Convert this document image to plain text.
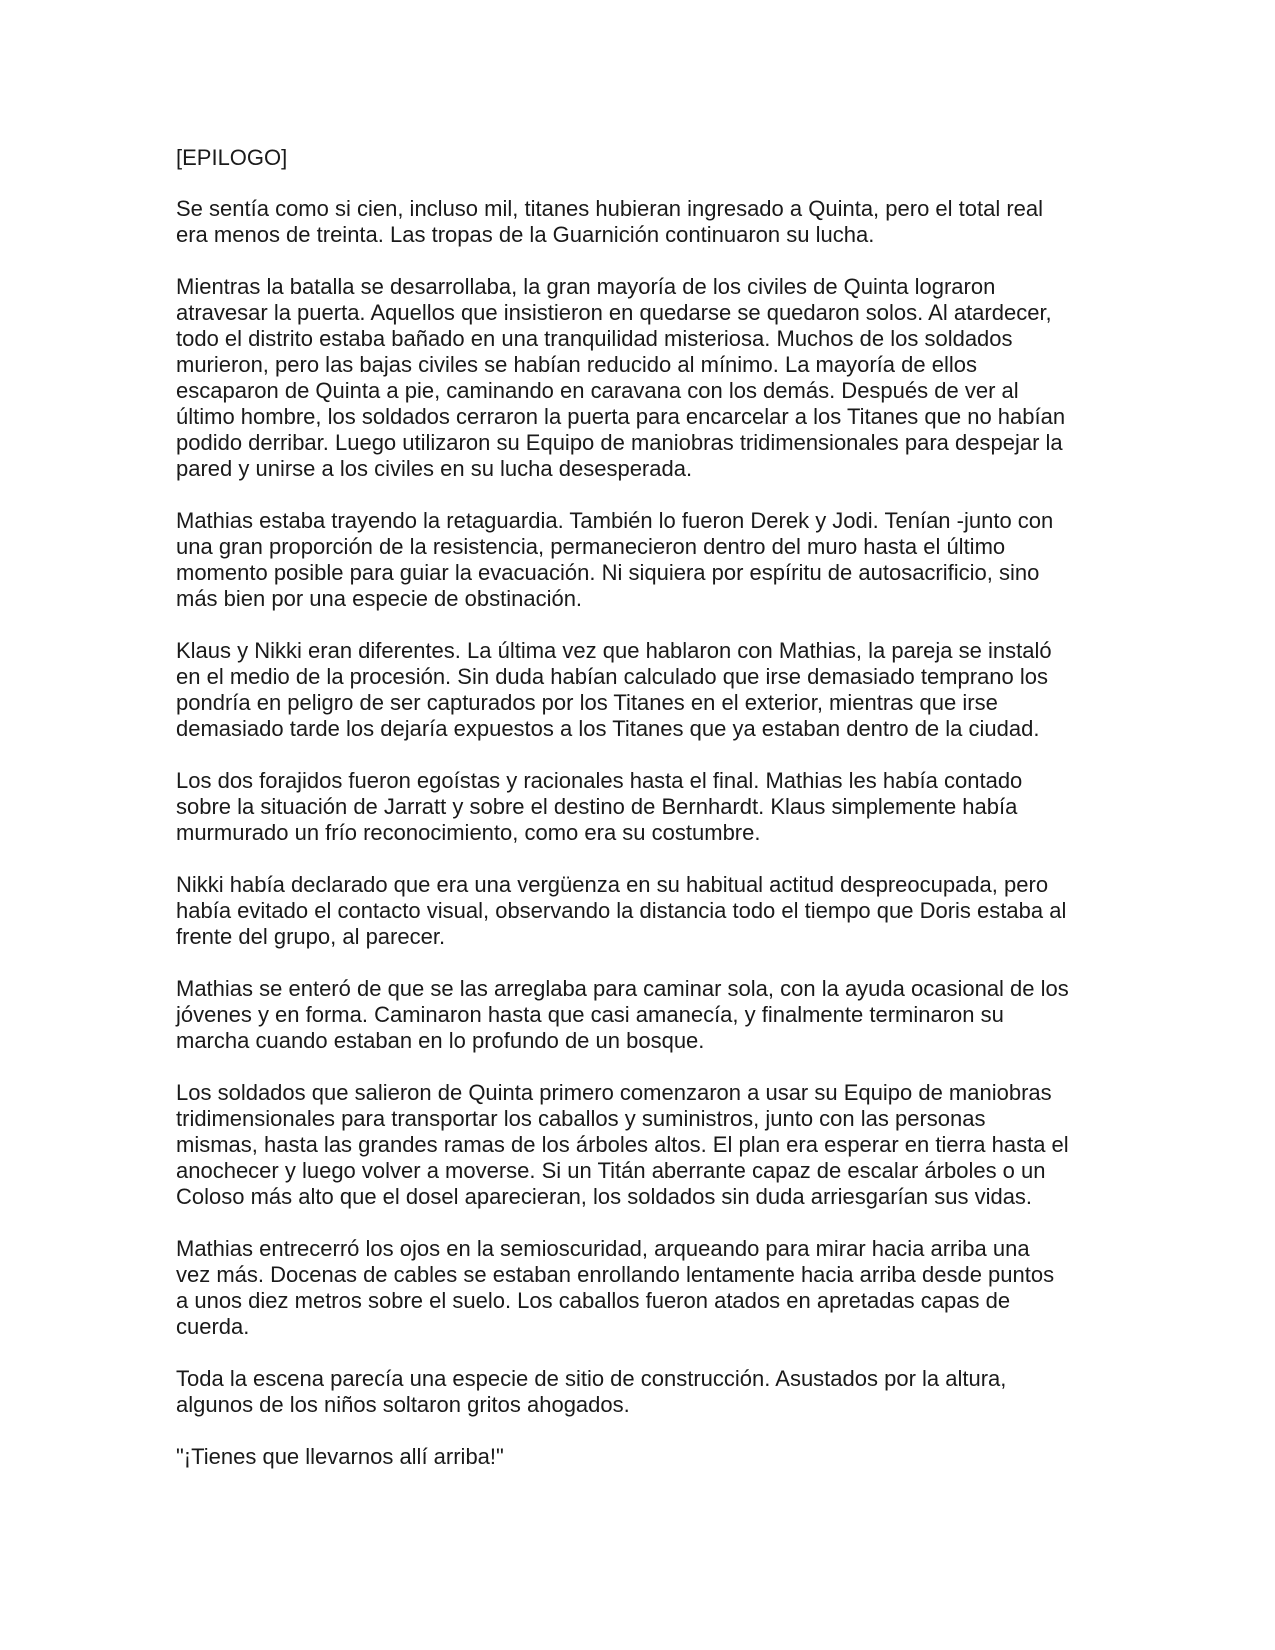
[EPILOGO]
Se sentía como si cien, incluso mil, titanes hubieran ingresado a Quinta, pero el total real
era menos de treinta. Las tropas de la Guarnición continuaron su lucha.
Mientras la batalla se desarrollaba, la gran mayoría de los civiles de Quinta lograron
atravesar la puerta. Aquellos que insistieron en quedarse se quedaron solos. Al atardecer,
todo el distrito estaba bañado en una tranquilidad misteriosa. Muchos de los soldados
murieron, pero las bajas civiles se habían reducido al mínimo. La mayoría de ellos
escaparon de Quinta a pie, caminando en caravana con los demás. Después de ver al
último hombre, los soldados cerraron la puerta para encarcelar a los Titanes que no habían
podido derribar. Luego utilizaron su Equipo de maniobras tridimensionales para despejar la
pared y unirse a los civiles en su lucha desesperada.
Mathias estaba trayendo la retaguardia. También lo fueron Derek y Jodi. Tenían -junto con
una gran proporción de la resistencia, permanecieron dentro del muro hasta el último
momento posible para guiar la evacuación. Ni siquiera por espíritu de autosacrificio, sino
más bien por una especie de obstinación.
Klaus y Nikki eran diferentes. La última vez que hablaron con Mathias, la pareja se instaló
en el medio de la procesión. Sin duda habían calculado que irse demasiado temprano los
pondría en peligro de ser capturados por los Titanes en el exterior, mientras que irse
demasiado tarde los dejaría expuestos a los Titanes que ya estaban dentro de la ciudad.
Los dos forajidos fueron egoístas y racionales hasta el final. Mathias les había contado
sobre la situación de Jarratt y sobre el destino de Bernhardt. Klaus simplemente había
murmurado un frío reconocimiento, como era su costumbre.
Nikki había declarado que era una vergüenza en su habitual actitud despreocupada, pero
había evitado el contacto visual, observando la distancia todo el tiempo que Doris estaba al
frente del grupo, al parecer.
Mathias se enteró de que se las arreglaba para caminar sola, con la ayuda ocasional de los
jóvenes y en forma. Caminaron hasta que casi amanecía, y finalmente terminaron su
marcha cuando estaban en lo profundo de un bosque.
Los soldados que salieron de Quinta primero comenzaron a usar su Equipo de maniobras
tridimensionales para transportar los caballos y suministros, junto con las personas
mismas, hasta las grandes ramas de los árboles altos. El plan era esperar en tierra hasta el
anochecer y luego volver a moverse. Si un Titán aberrante capaz de escalar árboles o un
Coloso más alto que el dosel aparecieran, los soldados sin duda arriesgarían sus vidas.
Mathias entrecerró los ojos en la semioscuridad, arqueando para mirar hacia arriba una
vez más. Docenas de cables se estaban enrollando lentamente hacia arriba desde puntos
a unos diez metros sobre el suelo. Los caballos fueron atados en apretadas capas de
cuerda.
Toda la escena parecía una especie de sitio de construcción. Asustados por la altura,
algunos de los niños soltaron gritos ahogados.
"¡Tienes que llevarnos allí arriba!"
